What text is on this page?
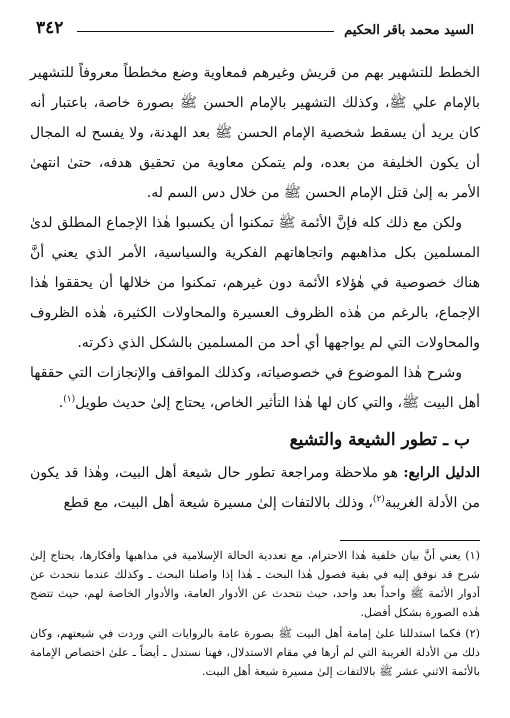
٣٤٢	السيد محمد باقر الحكيم

الخطط للتشهير بهم من قريش وغيرهم فمعاوية وضع مخططاً معروفاً للتشهير بالإمام علي ﷺ، وكذلك التشهير بالإمام الحسن ﷺ بصورة خاصة، باعتبار أنه كان يريد أن يسقط شخصية الإمام الحسن ﷺ بعد الهدنة، ولا يفسح له المجال أن يكون الخليفة من بعده، ولم يتمكن معاوية من تحقيق هدفه، حتىٰ انتهىٰ الأمر به إلىٰ قتل الإمام الحسن ﷺ من خلال دس السم له.

ولكن مع ذلك كله فإنَّ الأئمة ﷺ تمكنوا أن يكسبوا هٰذا الإجماع المطلق لدىٰ المسلمين بكل مذاهبهم واتجاهاتهم الفكرية والسياسية، الأمر الذي يعني أنَّ هناك خصوصية في هٰؤلاء الأئمة دون غيرهم، تمكنوا من خلالها أن يحققوا هٰذا الإجماع، بالرغم من هٰذه الظروف العسيرة والمحاولات الكثيرة، هٰذه الظروف والمحاولات التي لم يواجهها أي أحد من المسلمين بالشكل الذي ذكرته.

وشرح هٰذا الموضوع في خصوصياته، وكذلك المواقف والإنجازات التي حققها أهل البيت ﷺ، والتي كان لها هٰذا التأثير الخاص، يحتاج إلىٰ حديث طويل$^{(١)}$.

ب ـ تطور الشيعة والتشيع

الدليل الرابع: هو ملاحظة ومراجعة تطور حال شيعة أهل البيت، وهٰذا قد يكون من الأدلة الغريبة$^{(٢)}$، وذلك بالالتفات إلىٰ مسيرة شيعة أهل البيت، مع قطع

(١) يعني أنَّ بيان خلفية هٰذا الاحترام، مع تعددية الحالة الإسلامية في مذاهبها وأفكارها، يحتاج إلىٰ شرح قد نوفق إليه في بقية فصول هٰذا البحث ـ هٰذا إذا واصلنا البحث ـ وكذلك عندما نتحدث عن أدوار الأئمة ﷺ واحداً بعد واحد، حيث نتحدث عن الأدوار العامة، والأدوار الخاصة لهم، حيث تتضح هٰذه الصورة بشكل أفضل.

(٢) فكما استدللنا علىٰ إمامة أهل البيت ﷺ بصورة عامة بالروايات التي وردت في شيعتهم، وكان ذلك من الأدلة الغريبة التي لم أرها في مقام الاستدلال، فهنا نستدل ـ أيضاً ـ علىٰ اختصاص الإمامة بالأئمة الاثني عشر ﷺ بالالتفات إلىٰ مسيرة شيعة أهل البيت.
